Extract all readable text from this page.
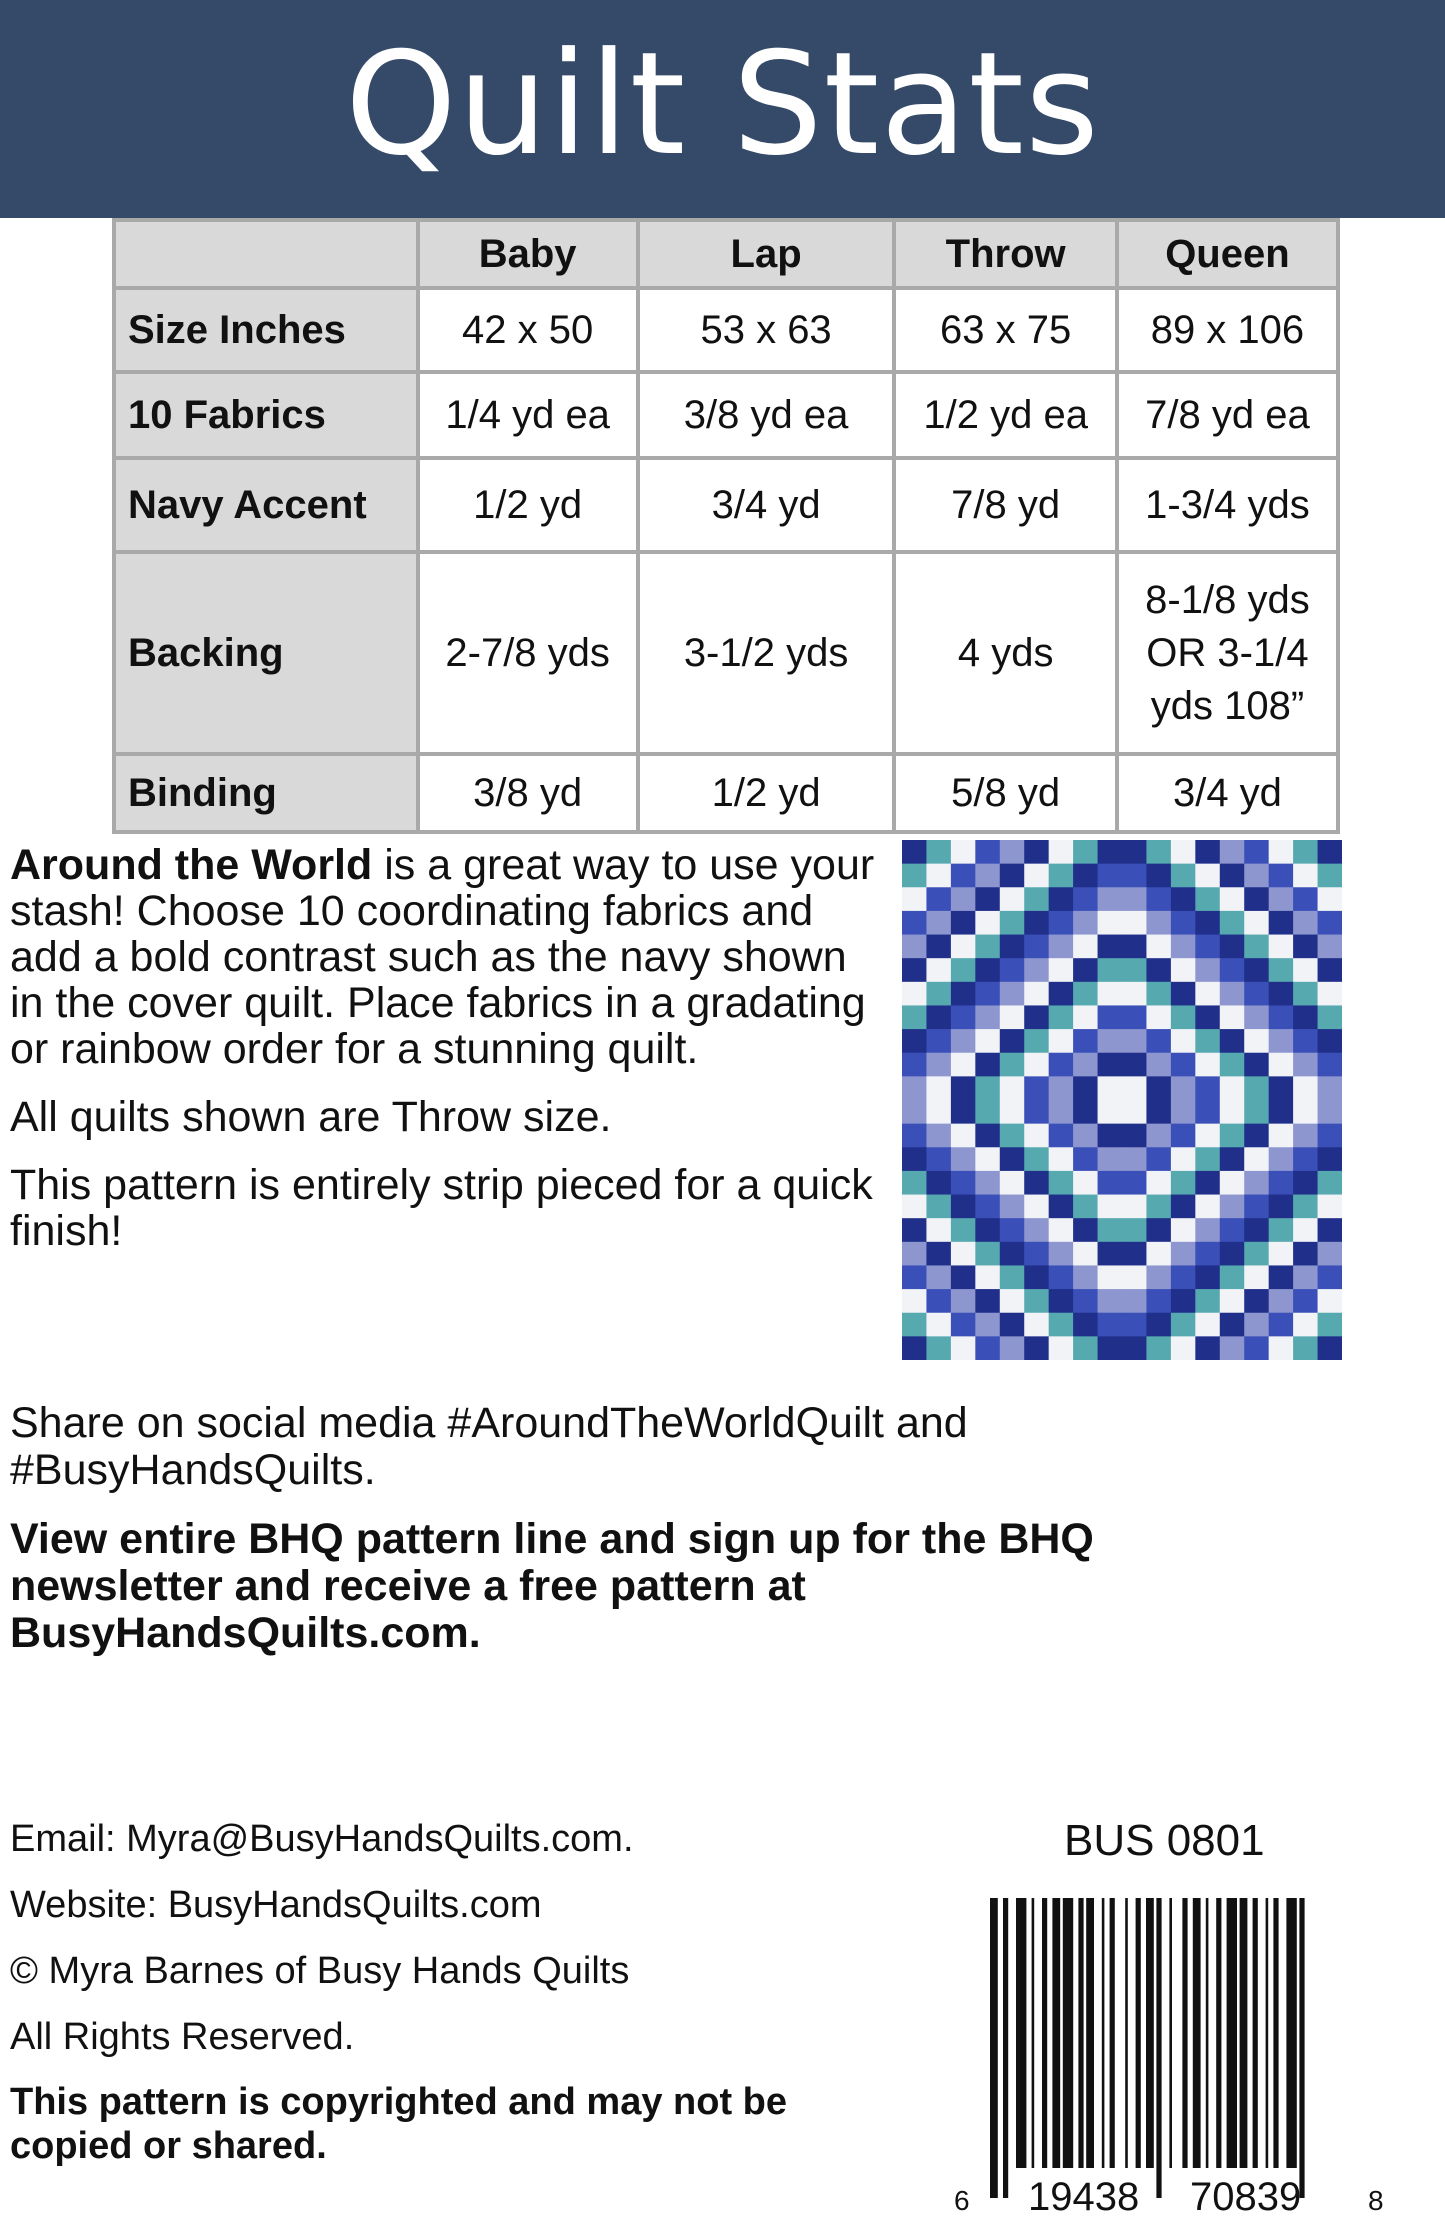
Quilt Stats
	Baby	Lap	Throw	Queen
Size Inches	42 x 50	53 x 63	63 x 75	89 x 106
10 Fabrics	1/4 yd ea	3/8 yd ea	1/2 yd ea	7/8 yd ea
Navy Accent	1/2 yd	3/4 yd	7/8 yd	1-3/4 yds
Backing	2-7/8 yds	3-1/2 yds	4 yds	8-1/8 yds
OR 3-1/4
yds 108”

Binding	3/8 yd	1/2 yd	5/8 yd	3/4 yd

Around the World is a great way to use your stash! Choose 10 coordinating fabrics and add a bold contrast such as the navy shown in the cover quilt. Place fabrics in a gradating or rainbow order for a stunning quilt.

All quilts shown are Throw size.

This pattern is entirely strip pieced for a quick finish!

Share on social media #AroundTheWorldQuilt and #BusyHandsQuilts.

View entire BHQ pattern line and sign up for the BHQ newsletter and receive a free pattern at BusyHandsQuilts.com.

Email: Myra@BusyHandsQuilts.com.
Website: BusyHandsQuilts.com
© Myra Barnes of Busy Hands Quilts
All Rights Reserved.
This pattern is copyrighted and may not be copied or shared.
BUS 0801
6 19438 70839 8
